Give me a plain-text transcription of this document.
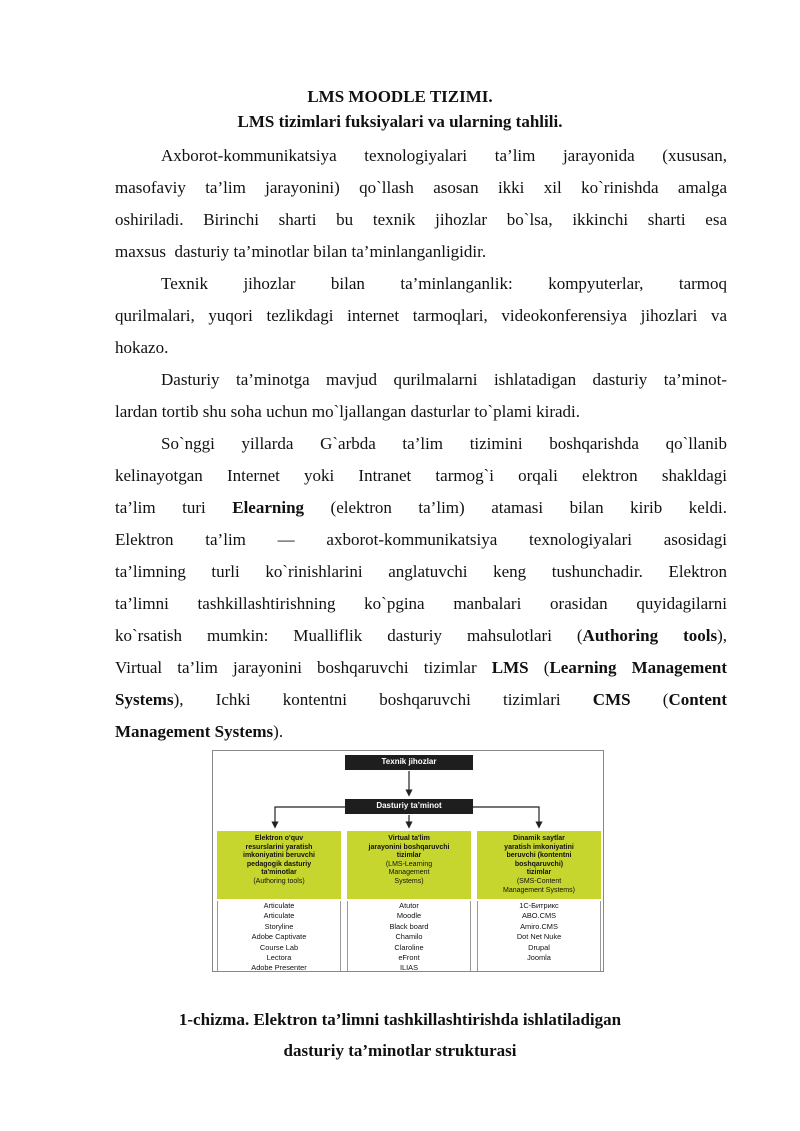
LMS MOODLE TIZIMI.
LMS tizimlari fuksiyalari va ularning tahlili.
Axborot-kommunikatsiya texnologiyalari ta’lim jarayonida (xususan,
masofaviy ta’lim jarayonini) qo`llash asosan ikki xil ko`rinishda amalga
oshiriladi. Birinchi sharti bu texnik jihozlar bo`lsa, ikkinchi sharti esa
maxsus  dasturiy ta’minotlar bilan ta’minlanganligidir.
Texnik jihozlar bilan ta’minlanganlik: kompyuterlar, tarmoq
qurilmalari, yuqori tezlikdagi internet tarmoqlari, videokonferensiya jihozlari va
hokazo.
Dasturiy ta’minotga mavjud qurilmalarni ishlatadigan dasturiy ta’minot-
lardan tortib shu soha uchun mo`ljallangan dasturlar to`plami kiradi.
So`nggi yillarda G`arbda ta’lim tizimini boshqarishda qo`llanib
kelinayotgan Internet yoki Intranet tarmog`i orqali elektron shakldagi
ta’lim turi Elearning (elektron ta’lim) atamasi bilan kirib keldi.
Elektron ta’lim — axborot-kommunikatsiya texnologiyalari asosidagi
ta’limning turli ko`rinishlarini anglatuvchi keng tushunchadir. Elektron
ta’limni tashkillashtirishning ko`pgina manbalari orasidan quyidagilarni
ko`rsatish mumkin: Mualliflik dasturiy mahsulotlari (Authoring tools),
Virtual ta’lim jarayonini boshqaruvchi tizimlar LMS (Learning Management
Systems), Ichki kontentni boshqaruvchi tizimlari CMS (Content
Management Systems).
Texnik jihozlar
Dasturiy ta’minot
Elektron o'quv
resurslarini yaratish
imkoniyatini beruvchi
pedagogik dasturiy
ta'minotlar
(Authoring tools)
Articulate
Articulate
Storyline
Adobe Captivate
Course Lab
Lectora
Adobe Presenter
Virtual ta'lim
jarayonini boshqaruvchi
tizimlar
(LMS-Learning
Management
Systems)
Atutor
Moodle
Black board
Chamilo
Claroline
eFront
ILIAS
Dinamik saytlar
yaratish imkoniyatini
beruvchi (kontentni
boshqaruvchi)
tizimlar
(SMS-Content
Management Systems)
1C-Битрикс
ABO.CMS
Amiro.CMS
Dot Net Nuke
Drupal
Joomla
1-chizma. Elektron ta’limni tashkillashtirishda ishlatiladigan
dasturiy ta’minotlar strukturasi
